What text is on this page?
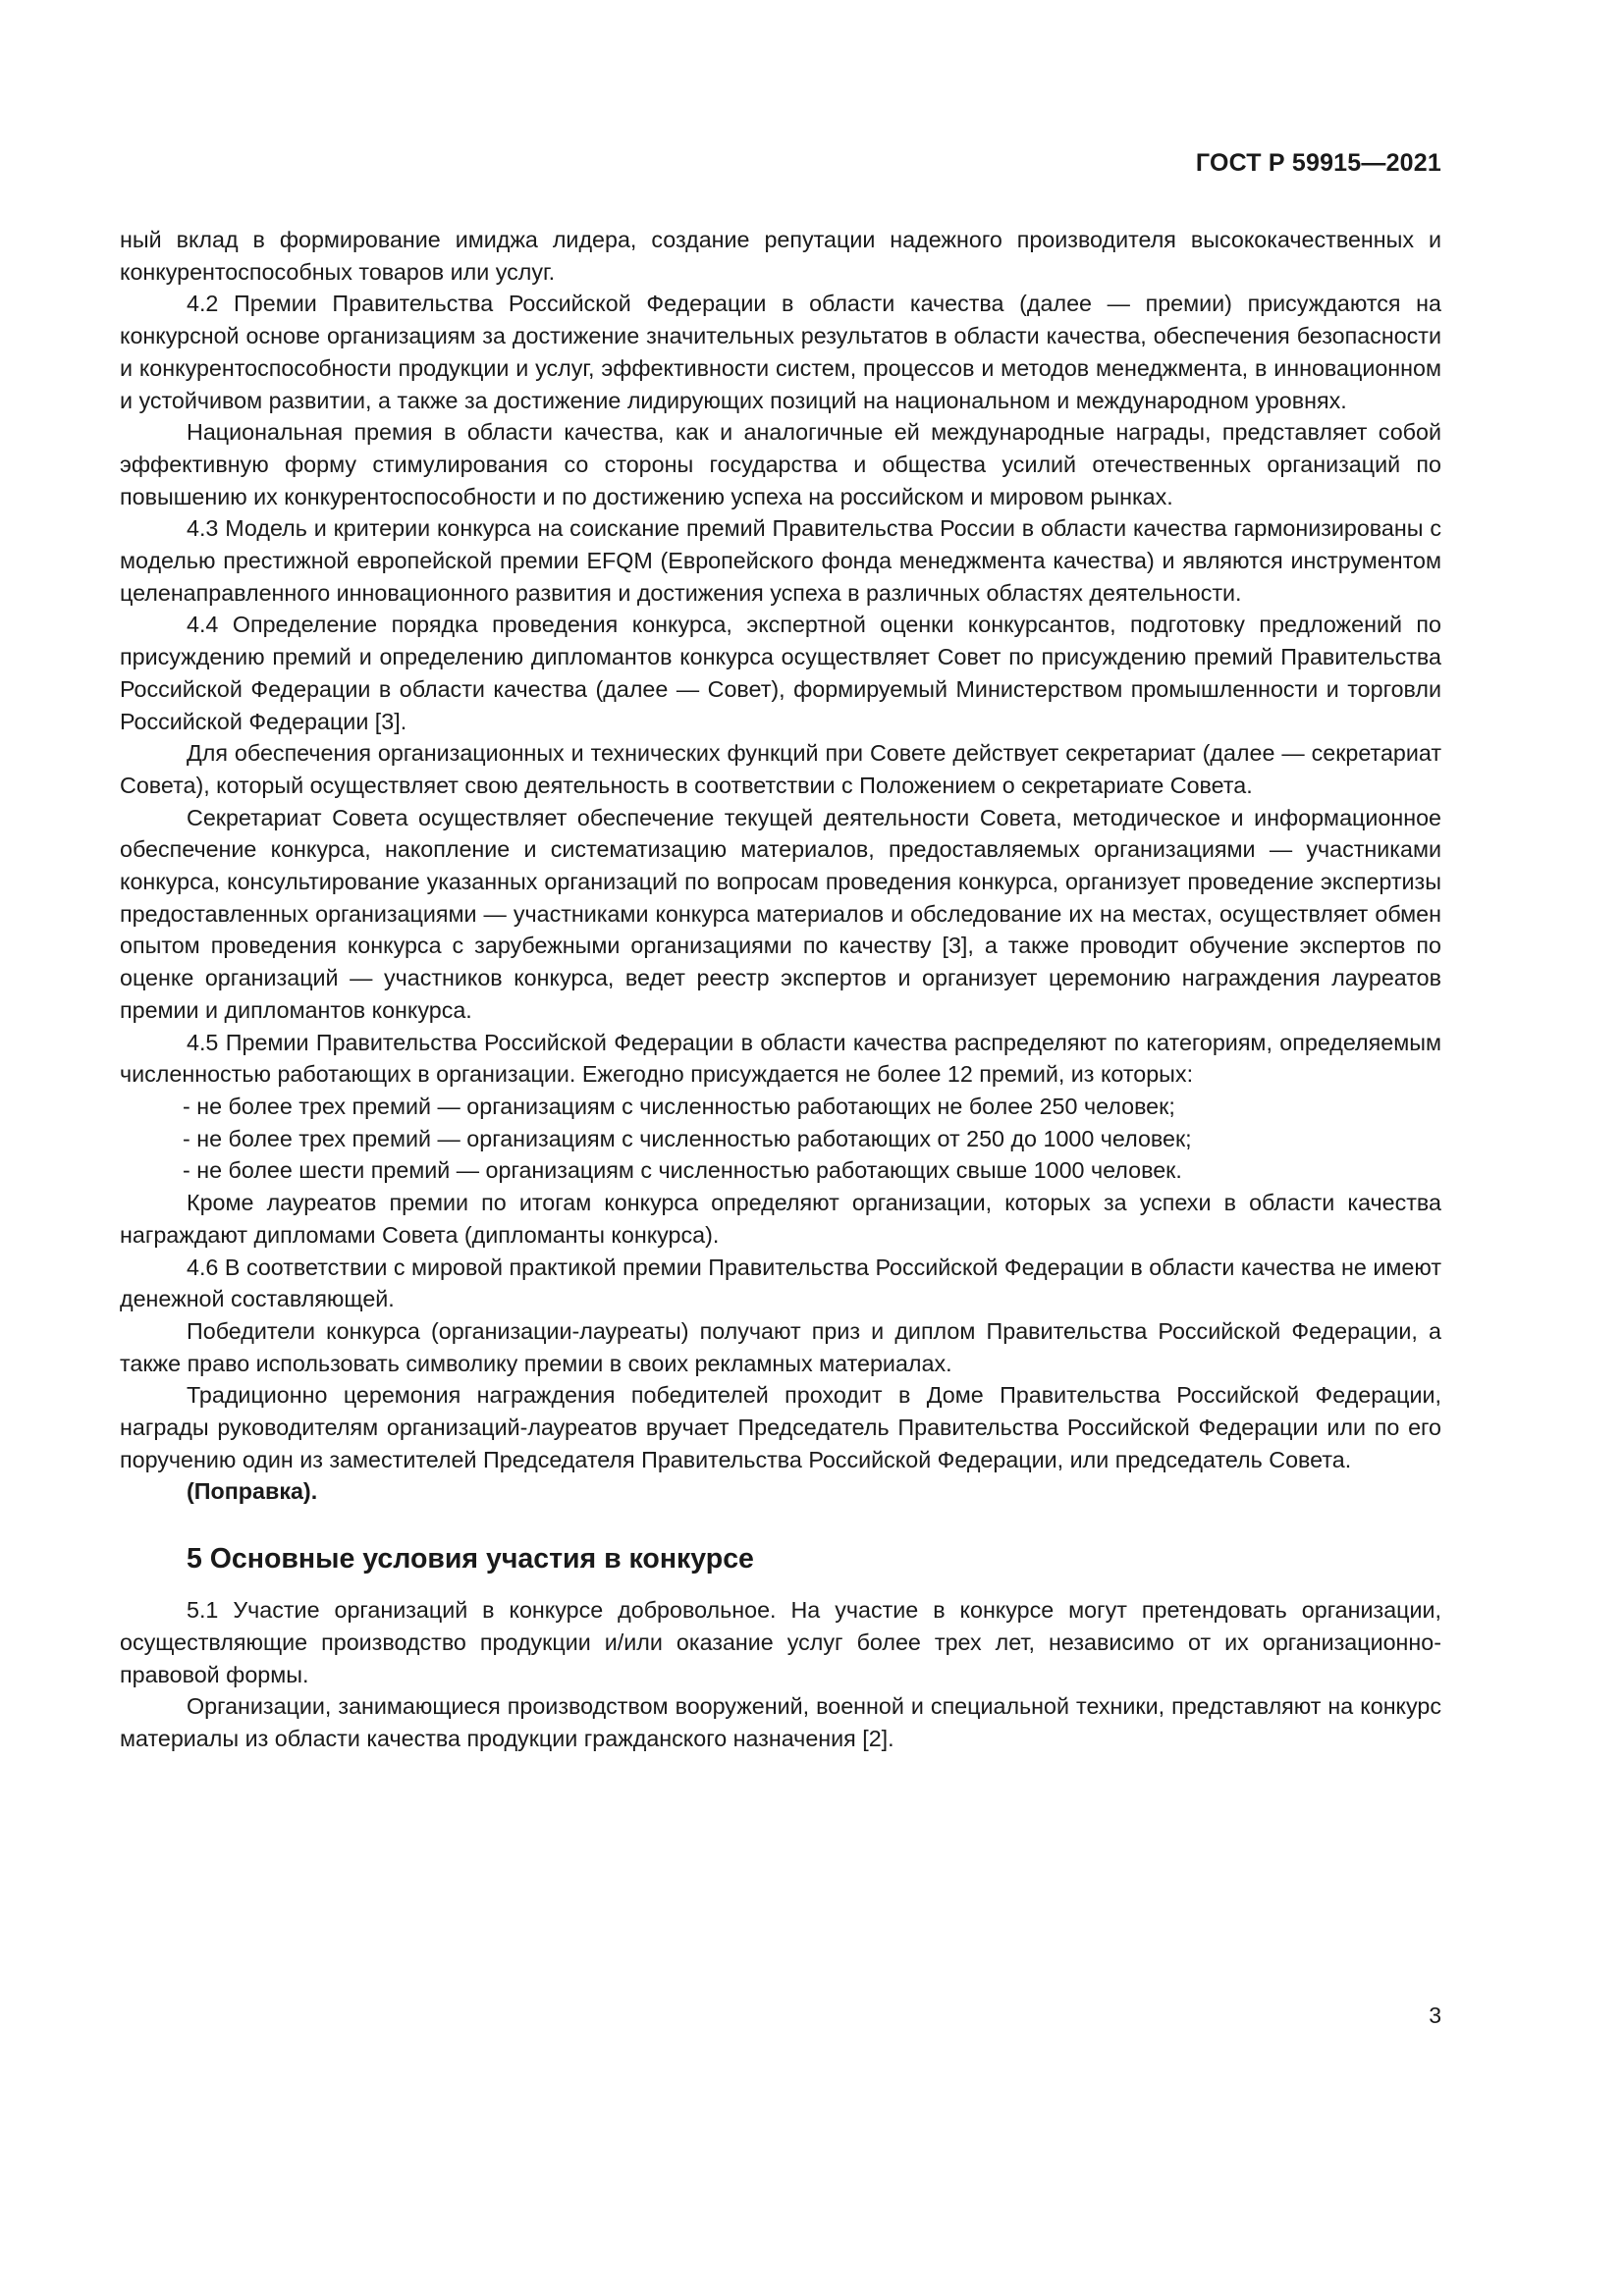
ГОСТ Р 59915—2021

ный вклад в формирование имиджа лидера, создание репутации надежного производителя высококачественных и конкурентоспособных товаров или услуг.

4.2 Премии Правительства Российской Федерации в области качества (далее — премии) присуждаются на конкурсной основе организациям за достижение значительных результатов в области качества, обеспечения безопасности и конкурентоспособности продукции и услуг, эффективности систем, процессов и методов менеджмента, в инновационном и устойчивом развитии, а также за достижение лидирующих позиций на национальном и международном уровнях.

Национальная премия в области качества, как и аналогичные ей международные награды, представляет собой эффективную форму стимулирования со стороны государства и общества усилий отечественных организаций по повышению их конкурентоспособности и по достижению успеха на российском и мировом рынках.

4.3 Модель и критерии конкурса на соискание премий Правительства России в области качества гармонизированы с моделью престижной европейской премии EFQM (Европейского фонда менеджмента качества) и являются инструментом целенаправленного инновационного развития и достижения успеха в различных областях деятельности.

4.4 Определение порядка проведения конкурса, экспертной оценки конкурсантов, подготовку предложений по присуждению премий и определению дипломантов конкурса осуществляет Совет по присуждению премий Правительства Российской Федерации в области качества (далее — Совет), формируемый Министерством промышленности и торговли Российской Федерации [3].

Для обеспечения организационных и технических функций при Совете действует секретариат (далее — секретариат Совета), который осуществляет свою деятельность в соответствии с Положением о секретариате Совета.

Секретариат Совета осуществляет обеспечение текущей деятельности Совета, методическое и информационное обеспечение конкурса, накопление и систематизацию материалов, предоставляемых организациями — участниками конкурса, консультирование указанных организаций по вопросам проведения конкурса, организует проведение экспертизы предоставленных организациями — участниками конкурса материалов и обследование их на местах, осуществляет обмен опытом проведения конкурса с зарубежными организациями по качеству [3], а также проводит обучение экспертов по оценке организаций — участников конкурса, ведет реестр экспертов и организует церемонию награждения лауреатов премии и дипломантов конкурса.

4.5 Премии Правительства Российской Федерации в области качества распределяют по категориям, определяемым численностью работающих в организации. Ежегодно присуждается не более 12 премий, из которых:

- не более трех премий — организациям с численностью работающих не более 250 человек;

- не более трех премий — организациям с численностью работающих от 250 до 1000 человек;

- не более шести премий — организациям с численностью работающих свыше 1000 человек.

Кроме лауреатов премии по итогам конкурса определяют организации, которых за успехи в области качества награждают дипломами Совета (дипломанты конкурса).

4.6 В соответствии с мировой практикой премии Правительства Российской Федерации в области качества не имеют денежной составляющей.

Победители конкурса (организации-лауреаты) получают приз и диплом Правительства Российской Федерации, а также право использовать символику премии в своих рекламных материалах.

Традиционно церемония награждения победителей проходит в Доме Правительства Российской Федерации, награды руководителям организаций-лауреатов вручает Председатель Правительства Российской Федерации или по его поручению один из заместителей Председателя Правительства Российской Федерации, или председатель Совета.

(Поправка).

5 Основные условия участия в конкурсе

5.1 Участие организаций в конкурсе добровольное. На участие в конкурсе могут претендовать организации, осуществляющие производство продукции и/или оказание услуг более трех лет, независимо от их организационно-правовой формы.

Организации, занимающиеся производством вооружений, военной и специальной техники, представляют на конкурс материалы из области качества продукции гражданского назначения [2].

3
